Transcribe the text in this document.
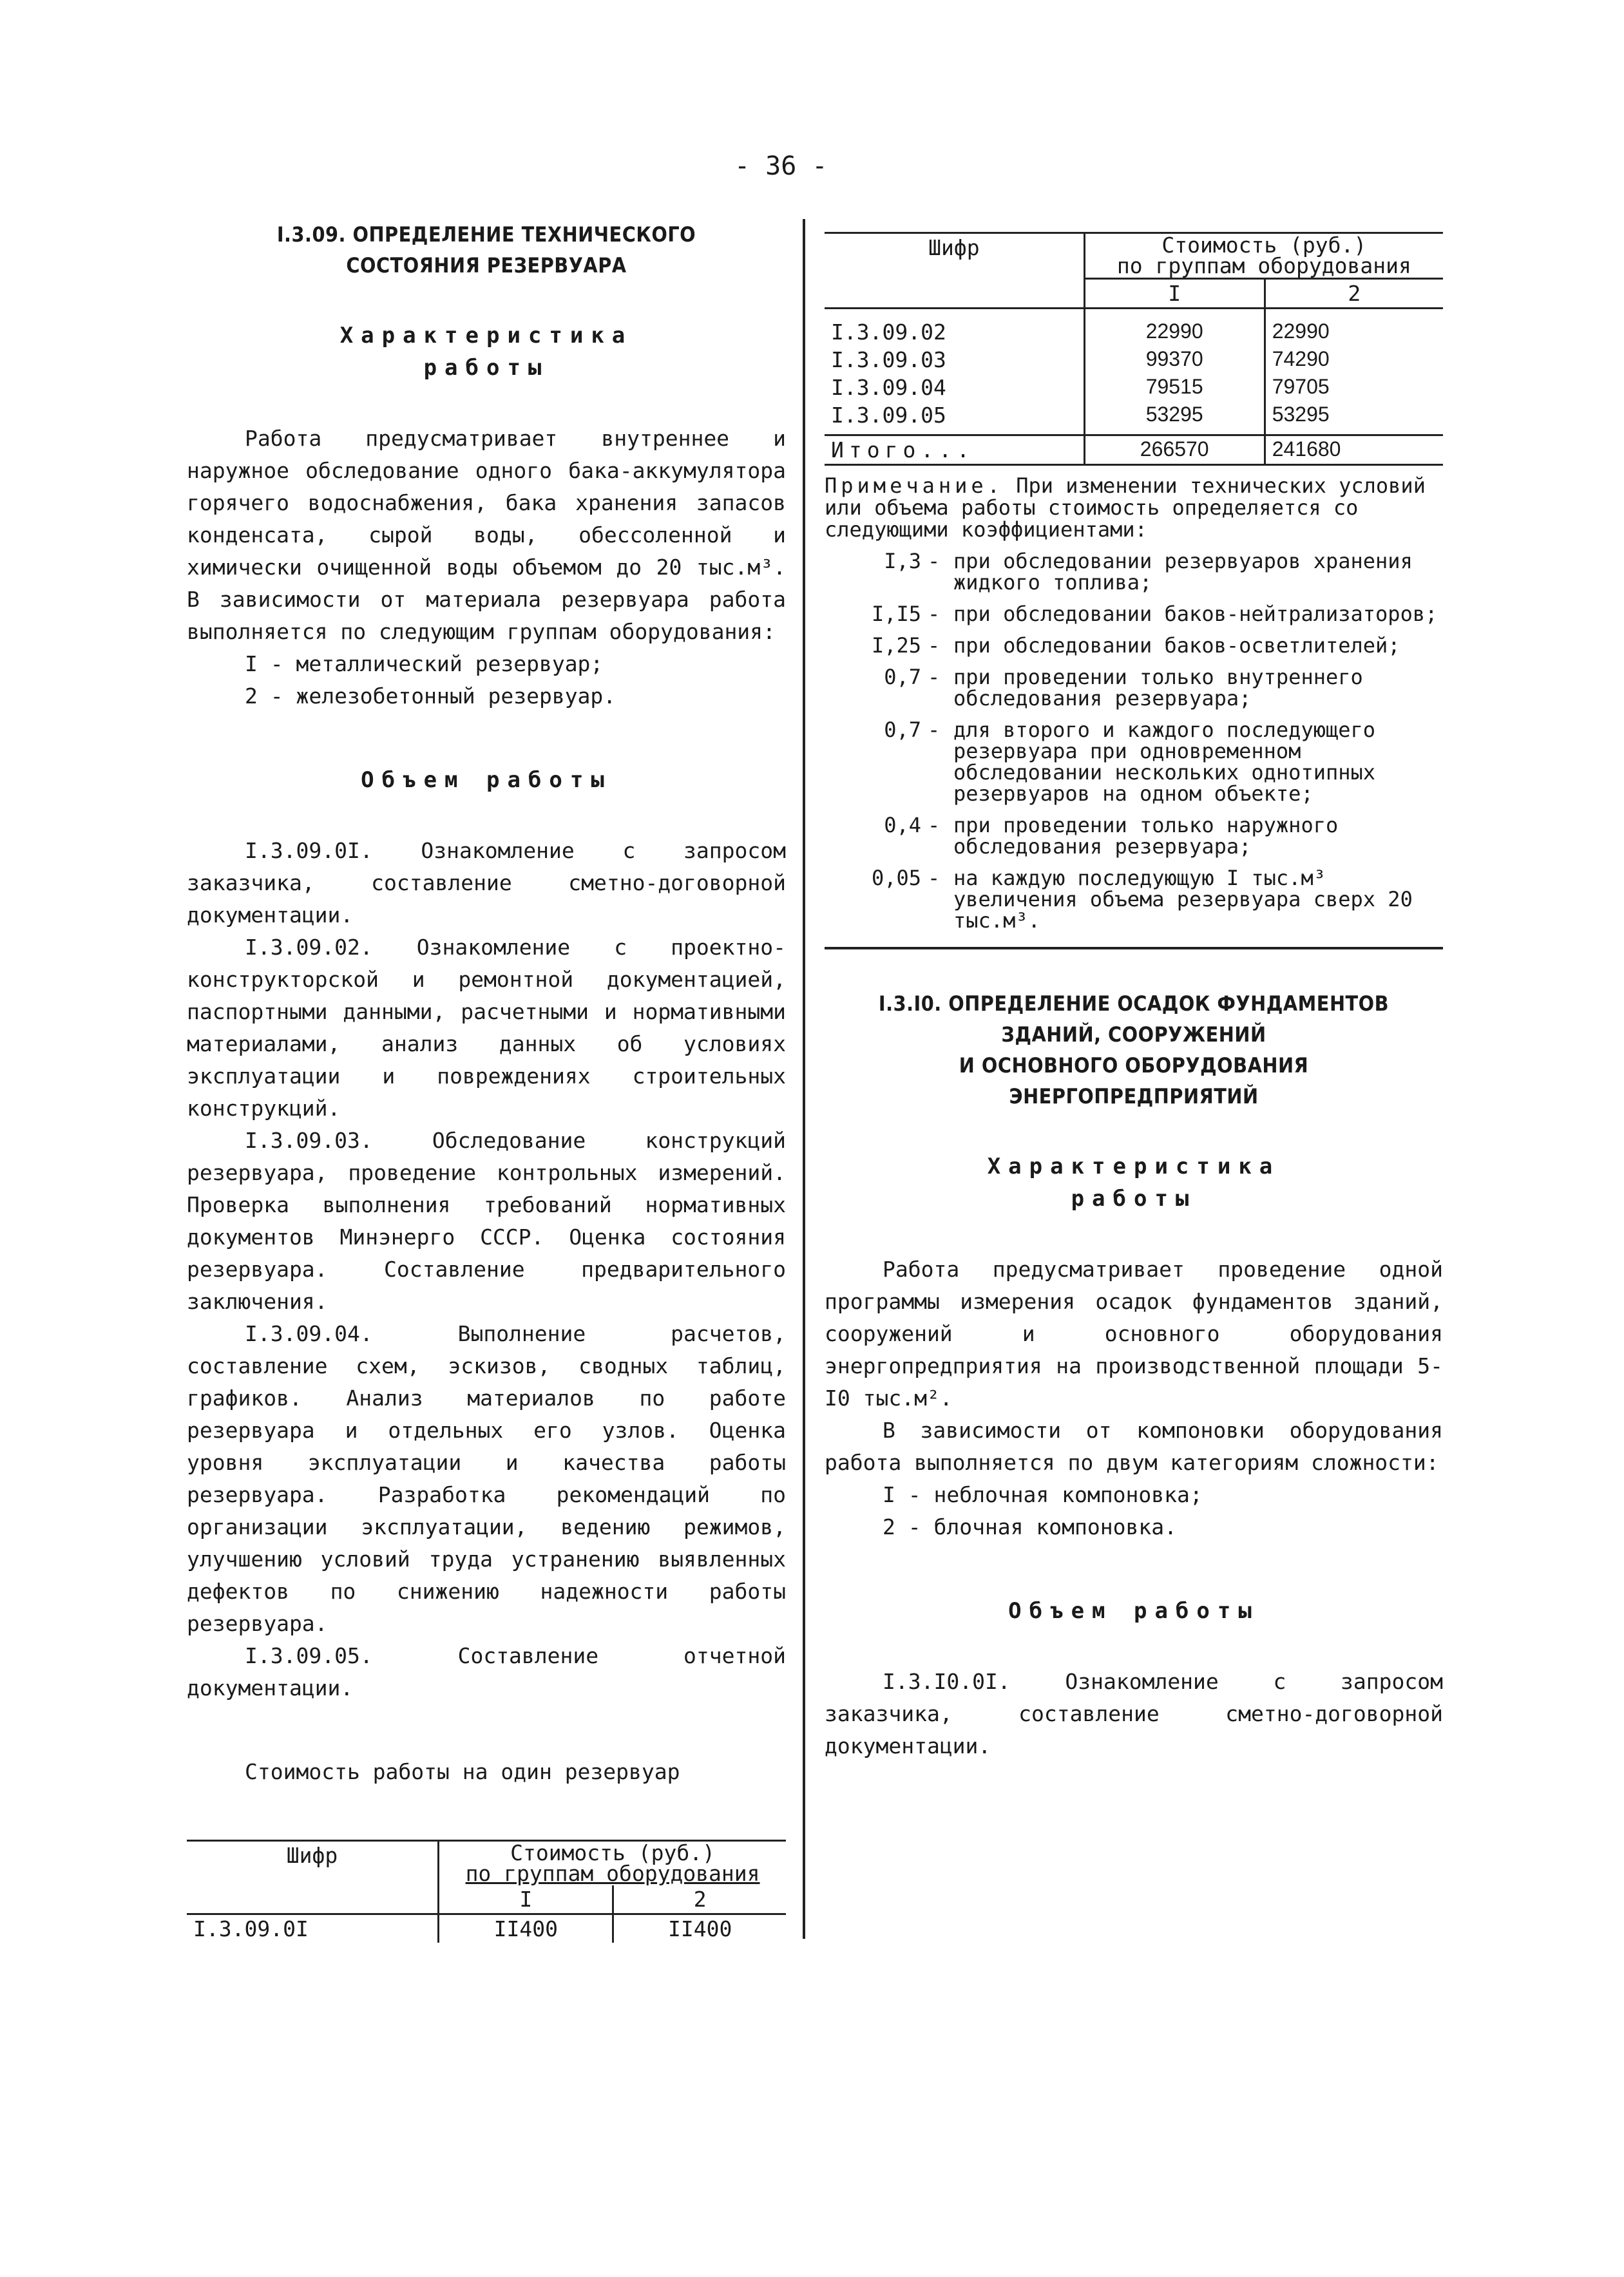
- 36 -
I.3.09. ОПРЕДЕЛЕНИЕ ТЕХНИЧЕСКОГО
СОСТОЯНИЯ РЕЗЕРВУАРА
Характеристика
работы

Работа предусматривает внутреннее и наружное обследование одного бака-аккумулятора горячего водоснабжения, бака хранения запасов конденсата, сырой воды, обессоленной и химически очищенной воды объемом до 20 тыс.м³. В зависимости от материала резервуара работа выполняется по следующим группам оборудования:

I - металлический резервуар;
2 - железобетонный резервуар.
Объем работы

I.3.09.0I. Ознакомление с запросом заказчика, составление сметно-договорной документации.

I.3.09.02. Ознакомление с проектно-конструкторской и ремонтной документацией, паспортными данными, расчетными и нормативными материалами, анализ данных об условиях эксплуатации и повреждениях строительных конструкций.

I.3.09.03. Обследование конструкций резервуара, проведение контрольных измерений. Проверка выполнения требований нормативных документов Минэнерго СССР. Оценка состояния резервуара. Составление предварительного заключения.

I.3.09.04. Выполнение расчетов, составление схем, эскизов, сводных таблиц, графиков. Анализ материалов по работе резервуара и отдельных его узлов. Оценка уровня эксплуатации и качества работы резервуара. Разработка рекомендаций по организации эксплуатации, ведению режимов, улучшению условий труда устранению выявленных дефектов по снижению надежности работы резервуара.

I.3.09.05. Составление отчетной документации.

Стоимость работы на один резервуар

Шифр	Стоимость (руб.)
по группам оборудования	

	I	2
I.3.09.0I	II400	II400
Шифр	Стоимость (руб.)
по группам оборудования	

	I	2

I.3.09.02	22990	22990
I.3.09.03	99370	74290
I.3.09.04	79515	79705
I.3.09.05	53295	53295
Итого...	266570	241680
Примечание. При изменении технических условий или объема работы стоимость определяется со следующими коэффициентами:
I,3 - при обследовании резервуаров хранения жидкого топлива;
I,I5 - при обследовании баков-нейтрализаторов;
I,25 - при обследовании баков-осветлителей;
0,7 - при проведении только внутреннего обследования резервуара;
0,7 - для второго и каждого последующего резервуара при одновременном обследовании нескольких однотипных резервуаров на одном объекте;
0,4 - при проведении только наружного обследования резервуара;
0,05 - на каждую последующую I тыс.м³ увеличения объема резервуара сверх 20 тыс.м³.
I.3.I0. ОПРЕДЕЛЕНИЕ ОСАДОК ФУНДАМЕНТОВ
ЗДАНИЙ, СООРУЖЕНИЙ
И ОСНОВНОГО ОБОРУДОВАНИЯ
ЭНЕРГОПРЕДПРИЯТИЙ
Характеристика
работы

Работа предусматривает проведение одной программы измерения осадок фундаментов зданий, сооружений и основного оборудования энергопредприятия на производственной площади 5-I0 тыс.м².

В зависимости от компоновки оборудования работа выполняется по двум категориям сложности:

I - неблочная компоновка;
2 - блочная компоновка.
Объем работы

I.3.I0.0I. Ознакомление с запросом заказчика, составление сметно-договорной документации.
